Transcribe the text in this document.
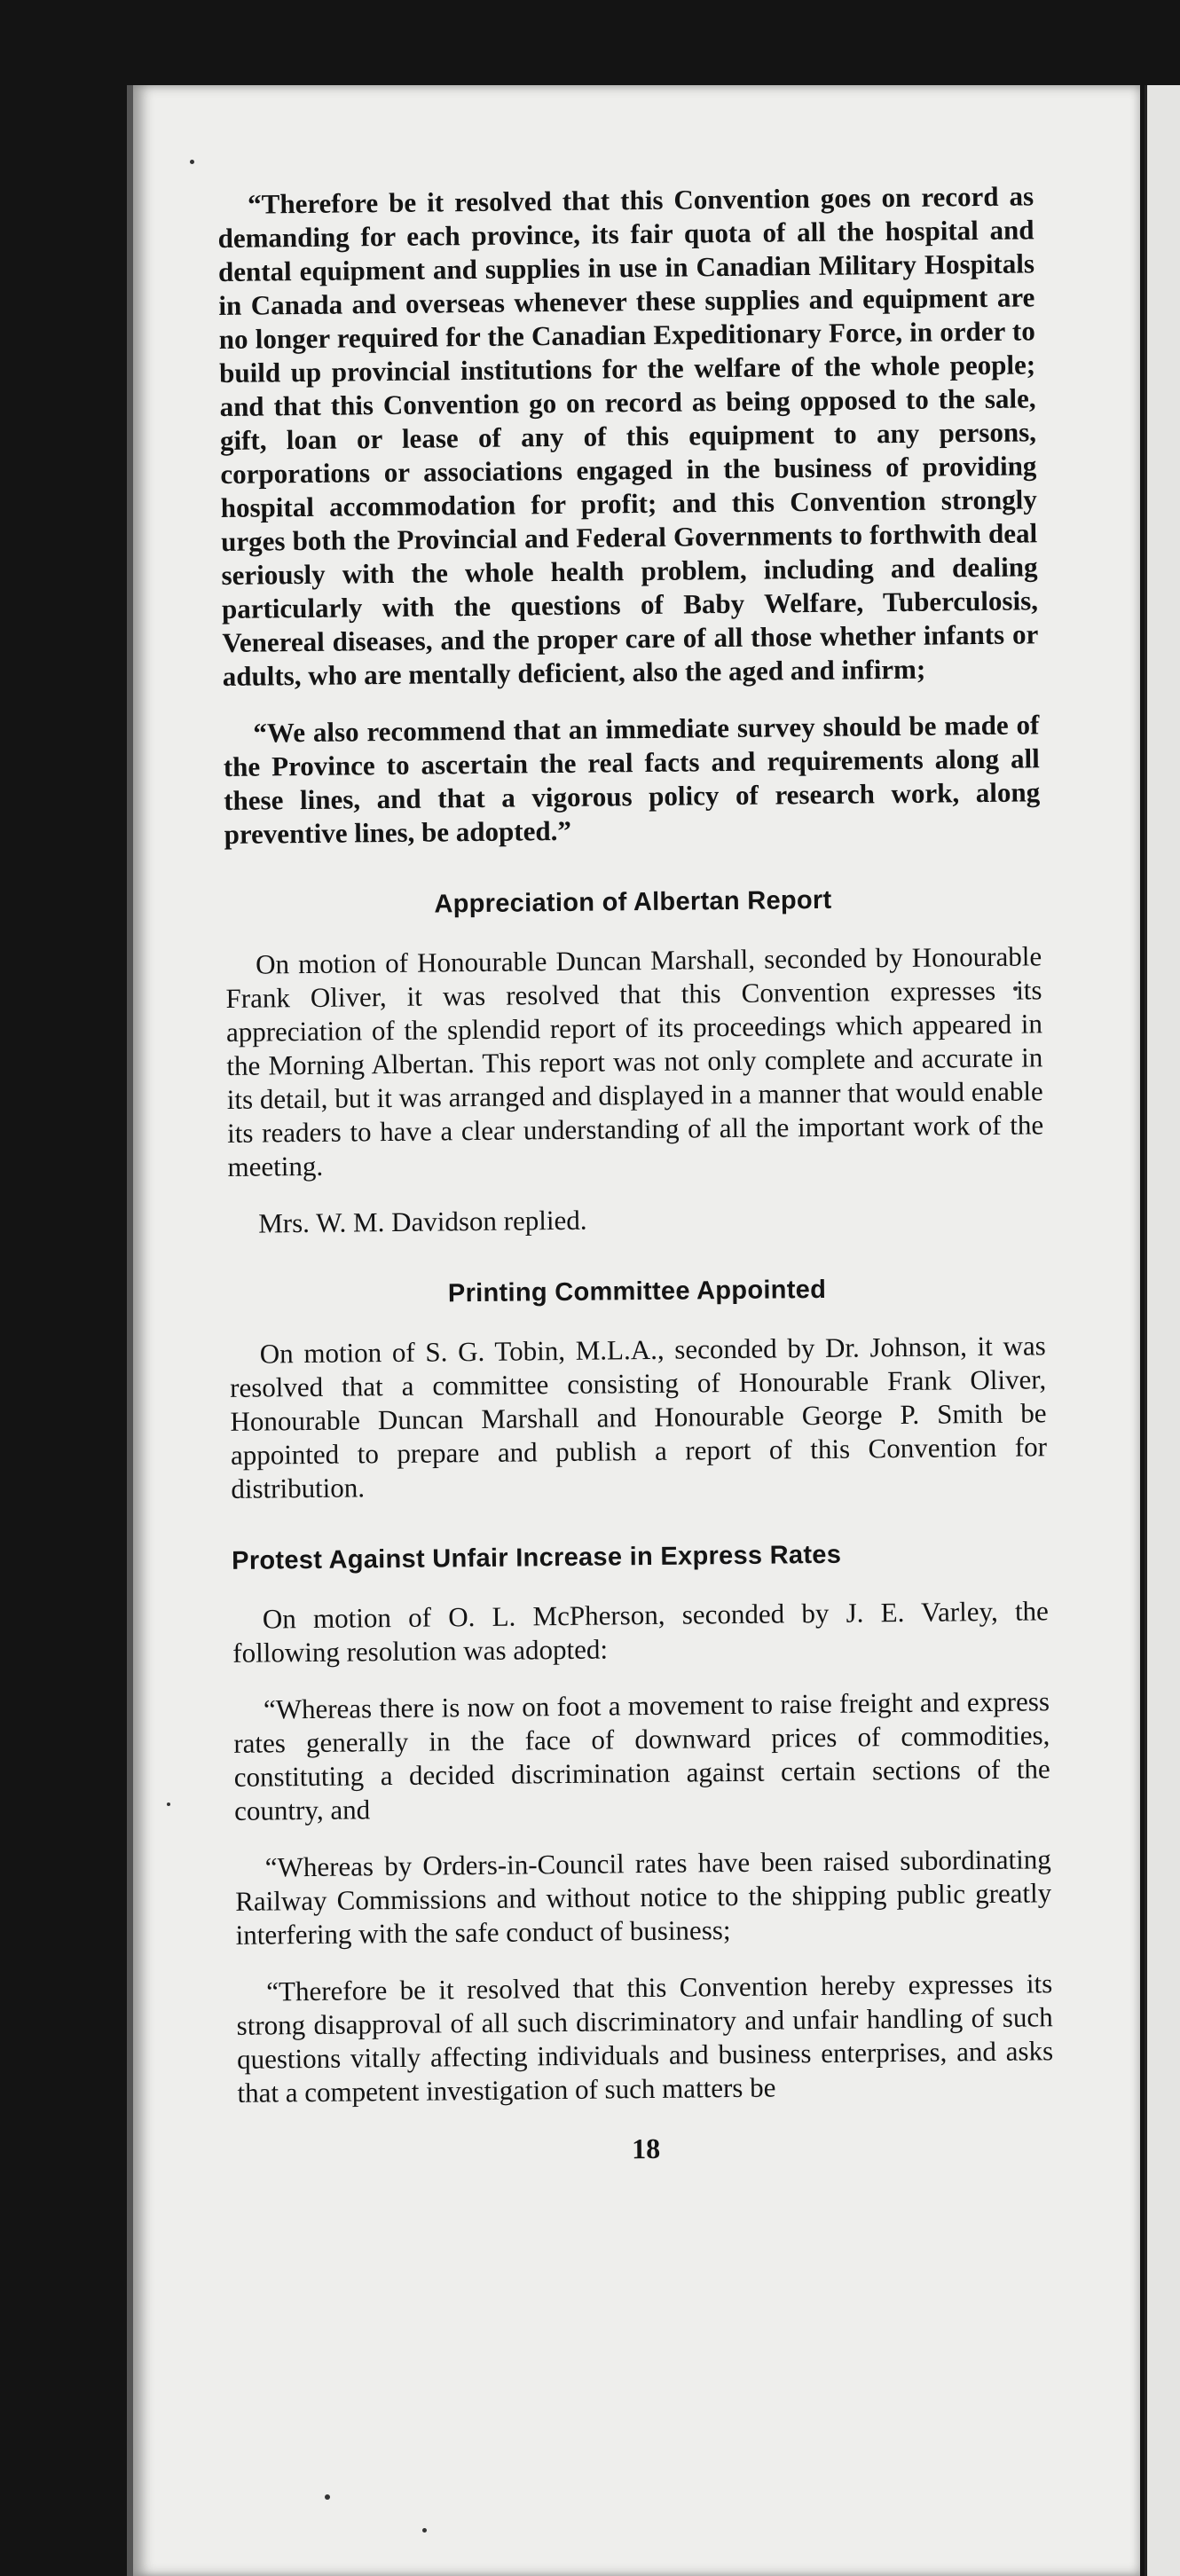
“Therefore be it resolved that this Convention goes on record as demanding for each province, its fair quota of all the hospital and dental equipment and supplies in use in Canadian Military Hospitals in Canada and overseas whenever these supplies and equipment are no longer required for the Canadian Expeditionary Force, in order to build up provincial institutions for the welfare of the whole people; and that this Convention go on record as being opposed to the sale, gift, loan or lease of any of this equipment to any persons, corporations or associations engaged in the business of providing hospital accommodation for profit; and this Convention strongly urges both the Provincial and Federal Governments to forthwith deal seriously with the whole health problem, including and dealing particularly with the questions of Baby Welfare, Tuberculosis, Venereal diseases, and the proper care of all those whether infants or adults, who are mentally deficient, also the aged and infirm;

“We also recommend that an immediate survey should be made of the Province to ascertain the real facts and requirements along all these lines, and that a vigorous policy of research work, along preventive lines, be adopted.”

Appreciation of Albertan Report

On motion of Honourable Duncan Marshall, seconded by Honourable Frank Oliver, it was resolved that this Convention expresses its appreciation of the splendid report of its proceedings which appeared in the Morning Albertan. This report was not only complete and accurate in its detail, but it was arranged and displayed in a manner that would enable its readers to have a clear understanding of all the important work of the meeting.

Mrs. W. M. Davidson replied.

Printing Committee Appointed

On motion of S. G. Tobin, M.L.A., seconded by Dr. Johnson, it was resolved that a committee consisting of Honourable Frank Oliver, Honourable Duncan Marshall and Honourable George P. Smith be appointed to prepare and publish a report of this Convention for distribution.

Protest Against Unfair Increase in Express Rates

On motion of O. L. McPherson, seconded by J. E. Varley, the following resolution was adopted:

“Whereas there is now on foot a movement to raise freight and express rates generally in the face of downward prices of commodities, constituting a decided discrimination against certain sections of the country, and

“Whereas by Orders-in-Council rates have been raised subordinating Railway Commissions and without notice to the shipping public greatly interfering with the safe conduct of business;

“Therefore be it resolved that this Convention hereby expresses its strong disapproval of all such discriminatory and unfair handling of such questions vitally affecting individuals and business enterprises, and asks that a competent investigation of such matters be

18
